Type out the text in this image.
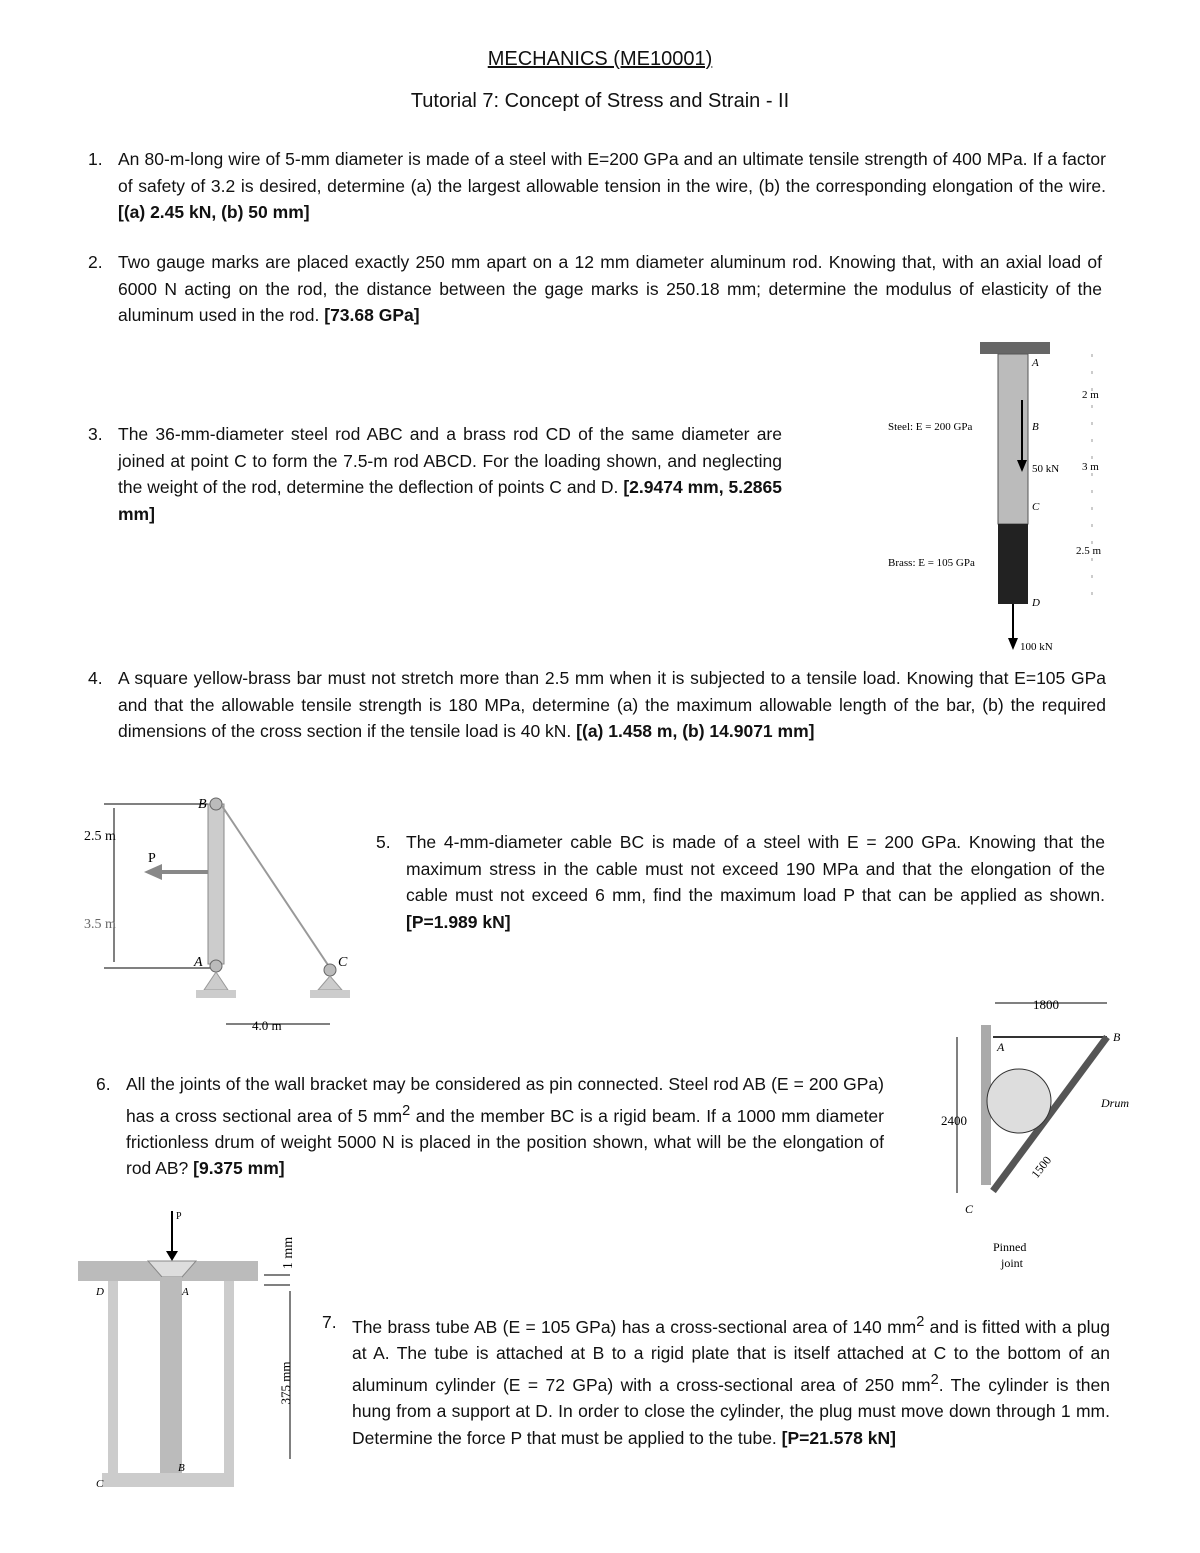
MECHANICS (ME10001)
Tutorial 7: Concept of Stress and Strain - II
1. An 80-m-long wire of 5-mm diameter is made of a steel with E=200 GPa and an ultimate tensile strength of 400 MPa. If a factor of safety of 3.2 is desired, determine (a) the largest allowable tension in the wire, (b) the corresponding elongation of the wire. [(a) 2.45 kN, (b) 50 mm]
2. Two gauge marks are placed exactly 250 mm apart on a 12 mm diameter aluminum rod. Knowing that, with an axial load of 6000 N acting on the rod, the distance between the gage marks is 250.18 mm; determine the modulus of elasticity of the aluminum used in the rod. [73.68 GPa]
3. The 36-mm-diameter steel rod ABC and a brass rod CD of the same diameter are joined at point C to form the 7.5-m rod ABCD. For the loading shown, and neglecting the weight of the rod, determine the deflection of points C and D. [2.9474 mm, 5.2865 mm]
A
B
C
D
Steel: E = 200 GPa
Brass: E = 105 GPa
50 kN
100 kN
2 m
3 m
2.5 m
4. A square yellow-brass bar must not stretch more than 2.5 mm when it is subjected to a tensile load. Knowing that E=105 GPa and that the allowable tensile strength is 180 MPa, determine (a) the maximum allowable length of the bar, (b) the required dimensions of the cross section if the tensile load is 40 kN. [(a) 1.458 m, (b) 14.9071 mm]
2.5 m
3.5 m
B
A	C
P
4.0 m
5. The 4-mm-diameter cable BC is made of a steel with E = 200 GPa. Knowing that the maximum stress in the cable must not exceed 190 MPa and that the elongation of the cable must not exceed 6 mm, find the maximum load P that can be applied as shown. [P=1.989 kN]
1800
2400
A
B
C
Drum
1500
Pinned
joint
6. All the joints of the wall bracket may be considered as pin connected. Steel rod AB (E = 200 GPa) has a cross sectional area of 5 $mm^2$ and the member BC is a rigid beam. If a 1000 mm diameter frictionless drum of weight 5000 N is placed in the position shown, what will be the elongation of rod AB? [9.375 mm]
P
D	A
B
C
1 mm
375 mm
7. The brass tube AB (E = 105 GPa) has a cross-sectional area of 140 $mm^2$ and is fitted with a plug at A. The tube is attached at B to a rigid plate that is itself attached at C to the bottom of an aluminum cylinder (E = 72 GPa) with a cross-sectional area of 250 $mm^2$. The cylinder is then hung from a support at D. In order to close the cylinder, the plug must move down through 1 mm. Determine the force P that must be applied to the tube. [P=21.578 kN]
